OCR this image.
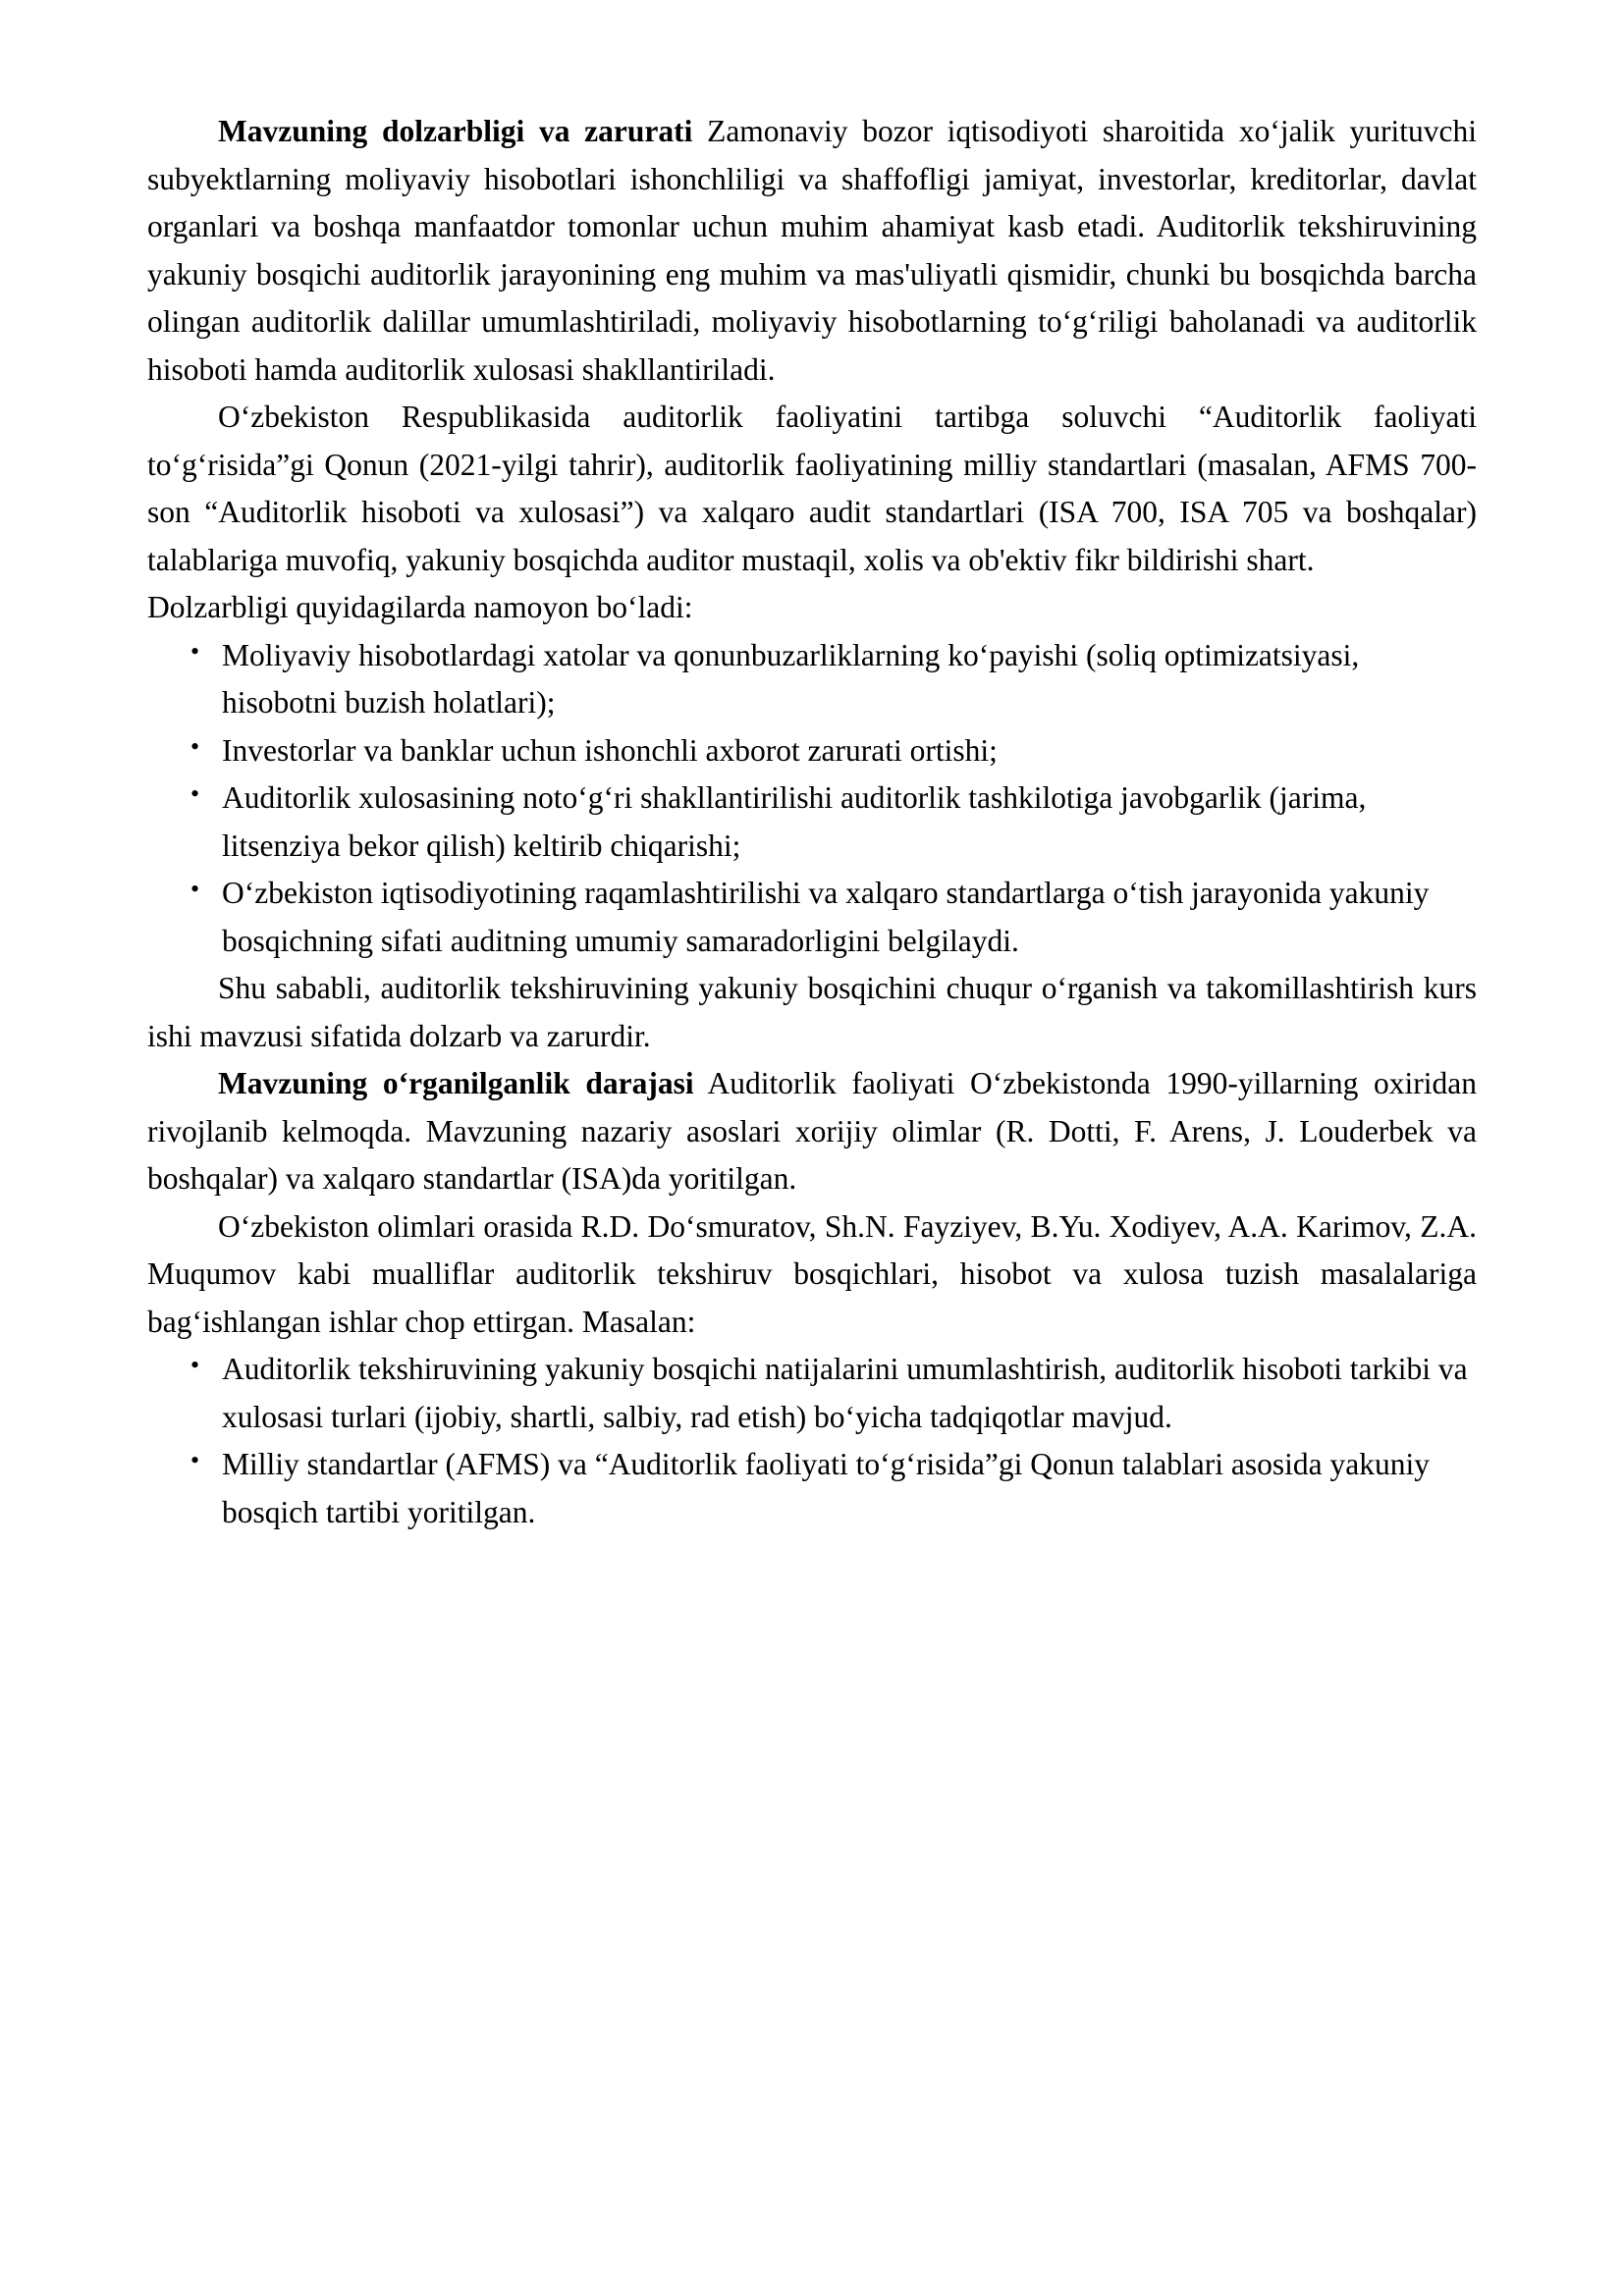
Mavzuning dolzarbligi va zarurati Zamonaviy bozor iqtisodiyoti sharoitida xo‘jalik yurituvchi subyektlarning moliyaviy hisobotlari ishonchliligi va shaffofligi jamiyat, investorlar, kreditorlar, davlat organlari va boshqa manfaatdor tomonlar uchun muhim ahamiyat kasb etadi. Auditorlik tekshiruvining yakuniy bosqichi auditorlik jarayonining eng muhim va mas'uliyatli qismidir, chunki bu bosqichda barcha olingan auditorlik dalillar umumlashtiriladi, moliyaviy hisobotlarning to‘g‘riligi baholanadi va auditorlik hisoboti hamda auditorlik xulosasi shakllantiriladi.

O‘zbekiston Respublikasida auditorlik faoliyatini tartibga soluvchi “Auditorlik faoliyati to‘g‘risida”gi Qonun (2021-yilgi tahrir), auditorlik faoliyatining milliy standartlari (masalan, AFMS 700-son “Auditorlik hisoboti va xulosasi”) va xalqaro audit standartlari (ISA 700, ISA 705 va boshqalar) talablariga muvofiq, yakuniy bosqichda auditor mustaqil, xolis va ob'ektiv fikr bildirishi shart.

Dolzarbligi quyidagilarda namoyon bo‘ladi:

• Moliyaviy hisobotlardagi xatolar va qonunbuzarliklarning ko‘payishi (soliq optimizatsiyasi, hisobotni buzish holatlari);
• Investorlar va banklar uchun ishonchli axborot zarurati ortishi;
• Auditorlik xulosasining noto‘g‘ri shakllantirilishi auditorlik tashkilotiga javobgarlik (jarima, litsenziya bekor qilish) keltirib chiqarishi;
• O‘zbekiston iqtisodiyotining raqamlashtirilishi va xalqaro standartlarga o‘tish jarayonida yakuniy bosqichning sifati auditning umumiy samaradorligini belgilaydi.

Shu sababli, auditorlik tekshiruvining yakuniy bosqichini chuqur o‘rganish va takomillashtirish kurs ishi mavzusi sifatida dolzarb va zarurdir.

Mavzuning o‘rganilganlik darajasi Auditorlik faoliyati O‘zbekistonda 1990-yillarning oxiridan rivojlanib kelmoqda. Mavzuning nazariy asoslari xorijiy olimlar (R. Dotti, F. Arens, J. Louderbek va boshqalar) va xalqaro standartlar (ISA)da yoritilgan.

O‘zbekiston olimlari orasida R.D. Do‘smuratov, Sh.N. Fayziyev, B.Yu. Xodiyev, A.A. Karimov, Z.A. Muqumov kabi mualliflar auditorlik tekshiruv bosqichlari, hisobot va xulosa tuzish masalalariga bag‘ishlangan ishlar chop ettirgan. Masalan:

• Auditorlik tekshiruvining yakuniy bosqichi natijalarini umumlashtirish, auditorlik hisoboti tarkibi va xulosasi turlari (ijobiy, shartli, salbiy, rad etish) bo‘yicha tadqiqotlar mavjud.
• Milliy standartlar (AFMS) va “Auditorlik faoliyati to‘g‘risida”gi Qonun talablari asosida yakuniy bosqich tartibi yoritilgan.
